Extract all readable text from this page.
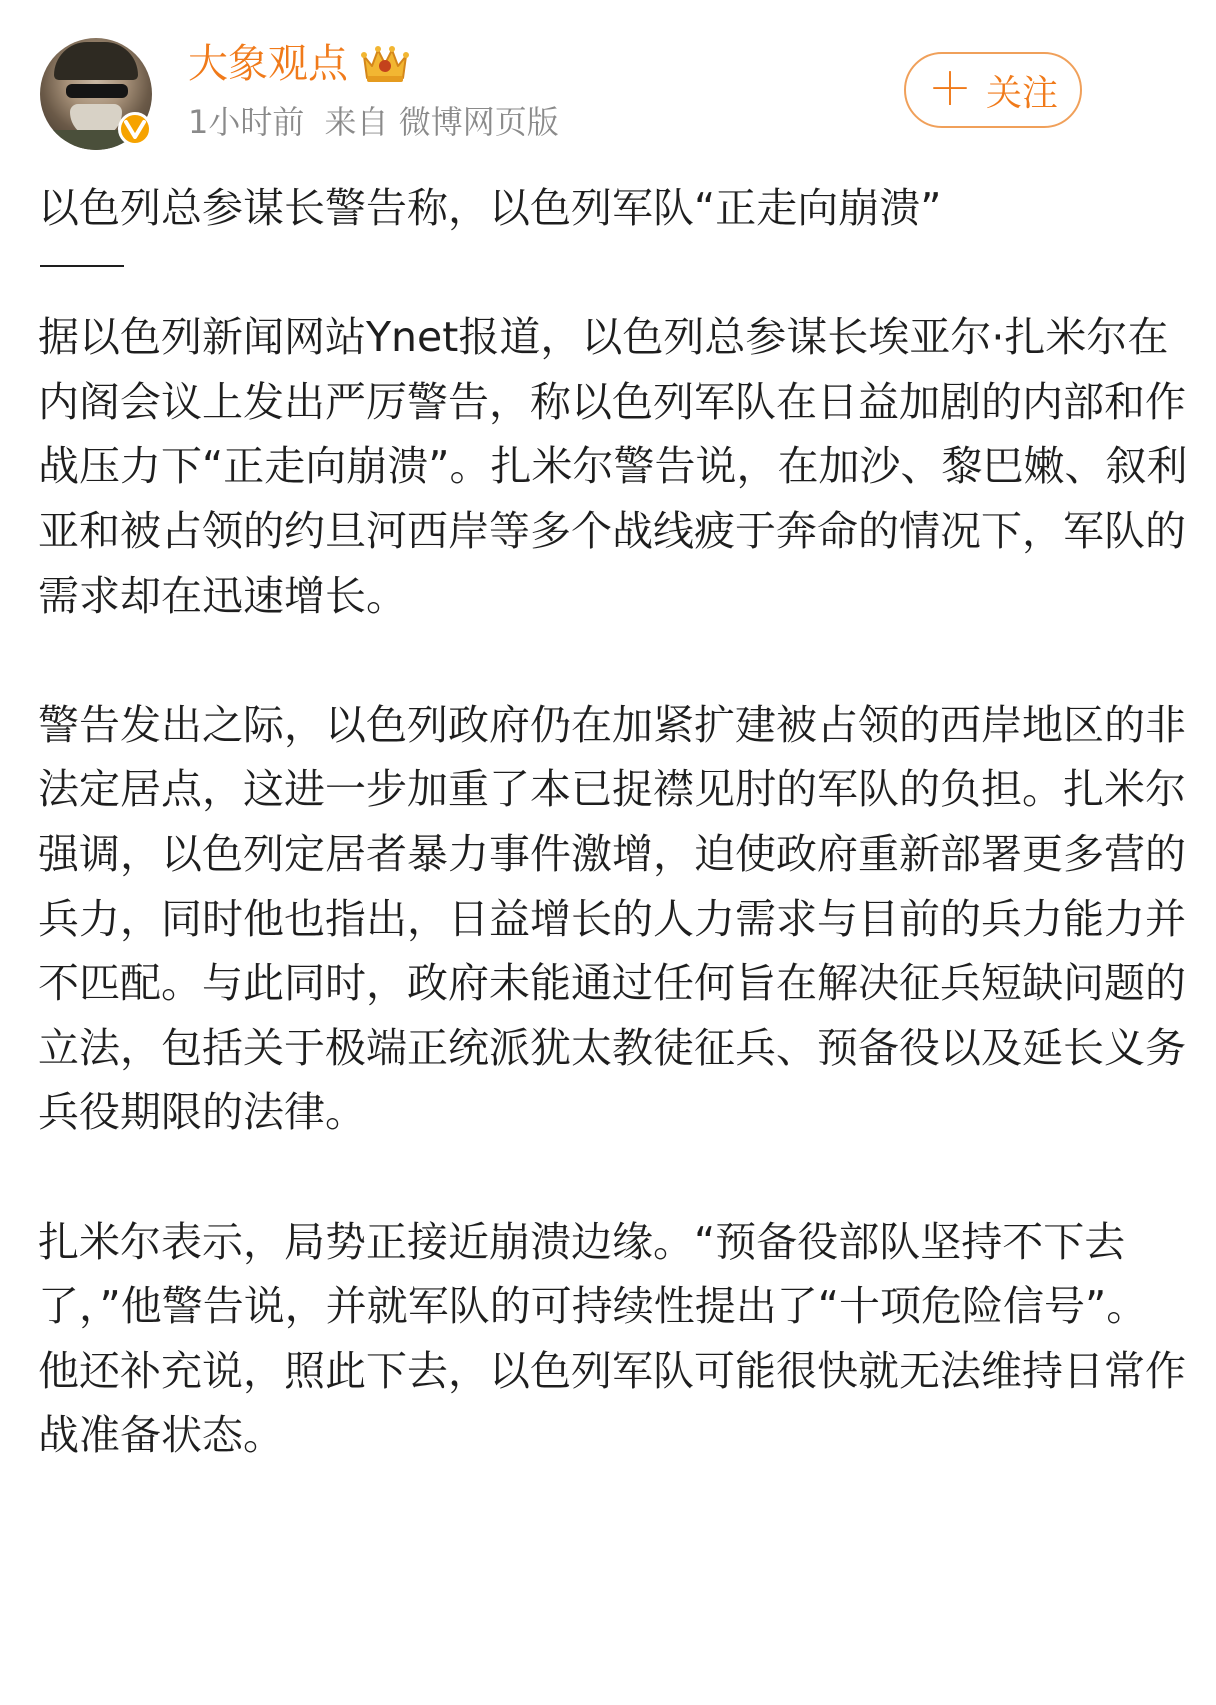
大象观点
1小时前 来自 微博网页版
＋ 关注

以色列总参谋长警告称，以色列军队“正走向崩溃”

据以色列新闻网站Ynet报道，以色列总参谋长埃亚尔·扎米尔在内阁会议上发出严厉警告，称以色列军队在日益加剧的内部和作战压力下“正走向崩溃”。扎米尔警告说，在加沙、黎巴嫩、叙利亚和被占领的约旦河西岸等多个战线疲于奔命的情况下，军队的需求却在迅速增长。

警告发出之际，以色列政府仍在加紧扩建被占领的西岸地区的非法定居点，这进一步加重了本已捉襟见肘的军队的负担。扎米尔强调，以色列定居者暴力事件激增，迫使政府重新部署更多营的兵力，同时他也指出，日益增长的人力需求与目前的兵力能力并不匹配。与此同时，政府未能通过任何旨在解决征兵短缺问题的立法，包括关于极端正统派犹太教徒征兵、预备役以及延长义务兵役期限的法律。

扎米尔表示，局势正接近崩溃边缘。“预备役部队坚持不下去了，”他警告说，并就军队的可持续性提出了“十项危险信号”。他还补充说，照此下去，以色列军队可能很快就无法维持日常作战准备状态。
